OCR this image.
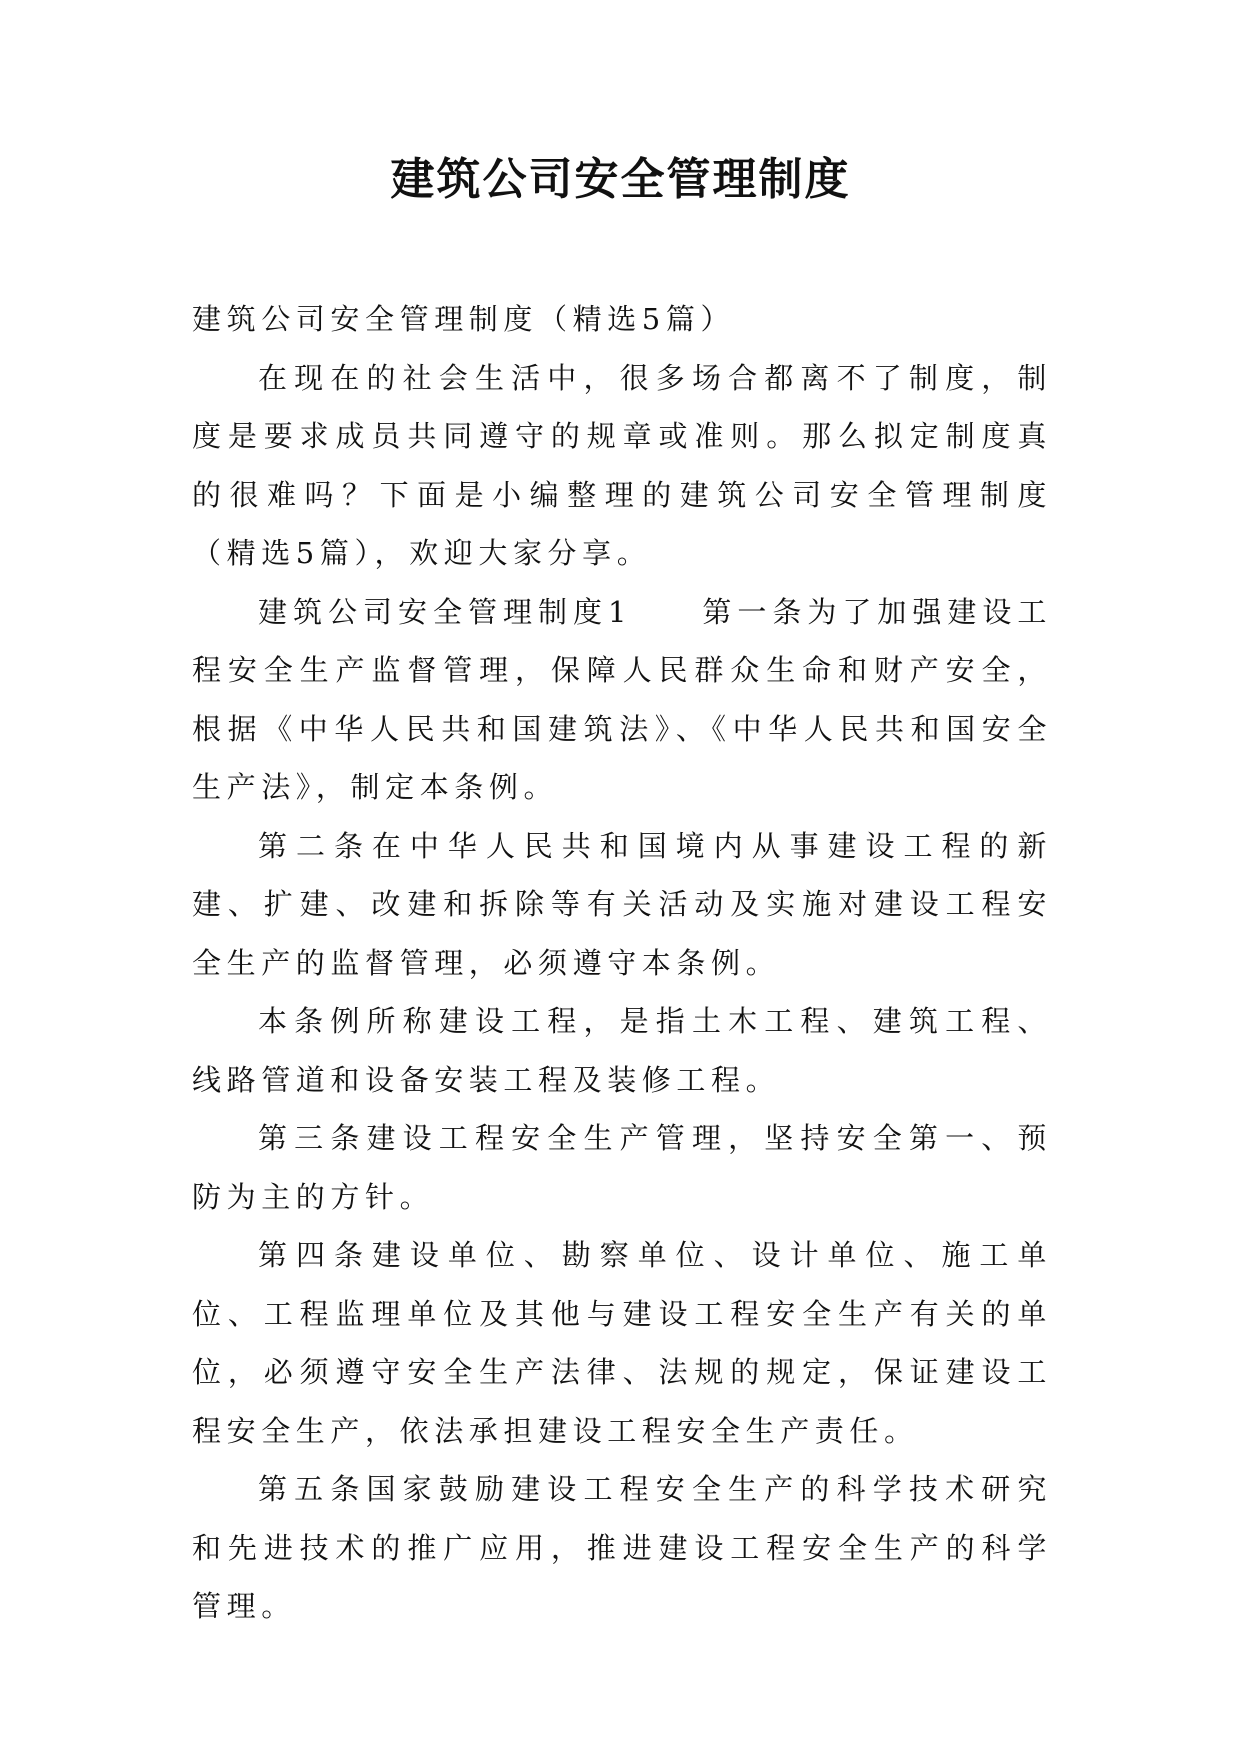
建筑公司安全管理制度

建筑公司安全管理制度（精选5篇）

在现在的社会生活中，很多场合都离不了制度，制度是要求成员共同遵守的规章或准则。那么拟定制度真的很难吗？下面是小编整理的建筑公司安全管理制度（精选5篇），欢迎大家分享。

建筑公司安全管理制度1　　第一条为了加强建设工程安全生产监督管理，保障人民群众生命和财产安全，根据《中华人民共和国建筑法》、《中华人民共和国安全生产法》，制定本条例。

第二条在中华人民共和国境内从事建设工程的新建、扩建、改建和拆除等有关活动及实施对建设工程安全生产的监督管理，必须遵守本条例。

本条例所称建设工程，是指土木工程、建筑工程、线路管道和设备安装工程及装修工程。

第三条建设工程安全生产管理，坚持安全第一、预防为主的方针。

第四条建设单位、勘察单位、设计单位、施工单位、工程监理单位及其他与建设工程安全生产有关的单位，必须遵守安全生产法律、法规的规定，保证建设工程安全生产，依法承担建设工程安全生产责任。

第五条国家鼓励建设工程安全生产的科学技术研究和先进技术的推广应用，推进建设工程安全生产的科学管理。
